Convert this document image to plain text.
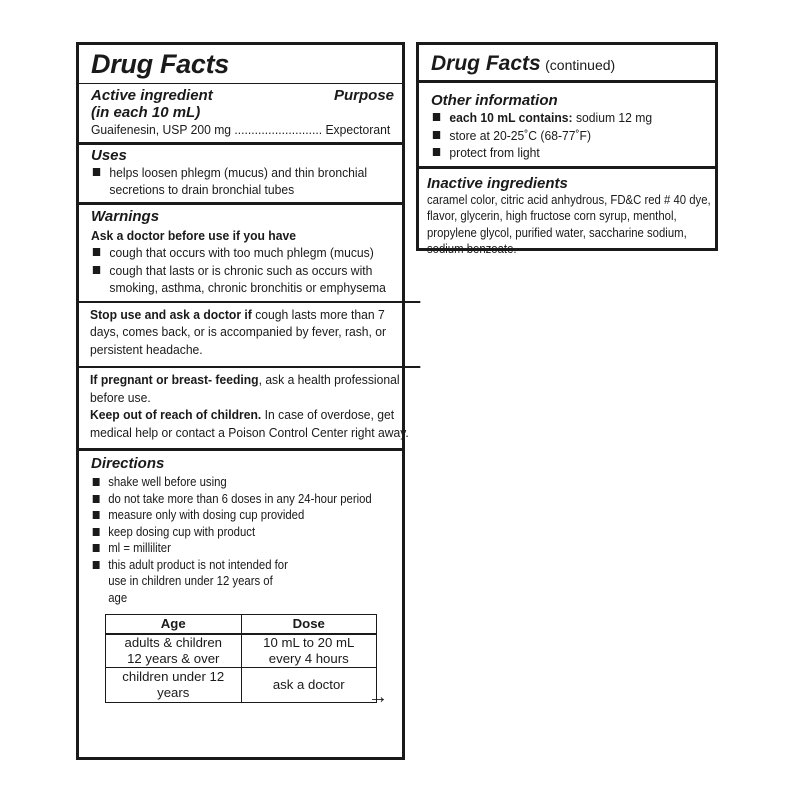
Drug Facts
Active ingredient
(in each 10 mL)
Purpose
Guaifenesin, USP 200 mg .......................... Expectorant
Uses
helps loosen phlegm (mucus) and thin bronchial secretions to drain bronchial tubes
Warnings
Ask a doctor before use if you have
cough that occurs with too much phlegm (mucus)
cough that lasts or is chronic such as occurs with smoking, asthma, chronic bronchitis or emphysema
Stop use and ask a doctor if cough lasts more than 7 days, comes back, or is accompanied by fever, rash, or persistent headache.
If pregnant or breast- feeding, ask a health professional before use.
Keep out of reach of children. In case of overdose, get medical help or contact a Poison Control Center right away.
Directions
shake well before using
do not take more than 6 doses in any 24-hour period
measure only with dosing cup provided
keep dosing cup with product
ml = milliliter
this adult product is not intended for use in children under 12 years of age
Age	Dose
adults & children 12 years & over	10 mL to 20 mL every 4 hours
children under 12 years	ask a doctor
→
Drug Facts (continued)
Other information
each 10 mL contains: sodium 12 mg
store at 20-25˚C (68-77˚F)
protect from light
Inactive ingredients
caramel color, citric acid anhydrous, FD&C red # 40 dye, flavor, glycerin, high fructose corn syrup, menthol, propylene glycol, purified water, saccharine sodium, sodium benzoate.
